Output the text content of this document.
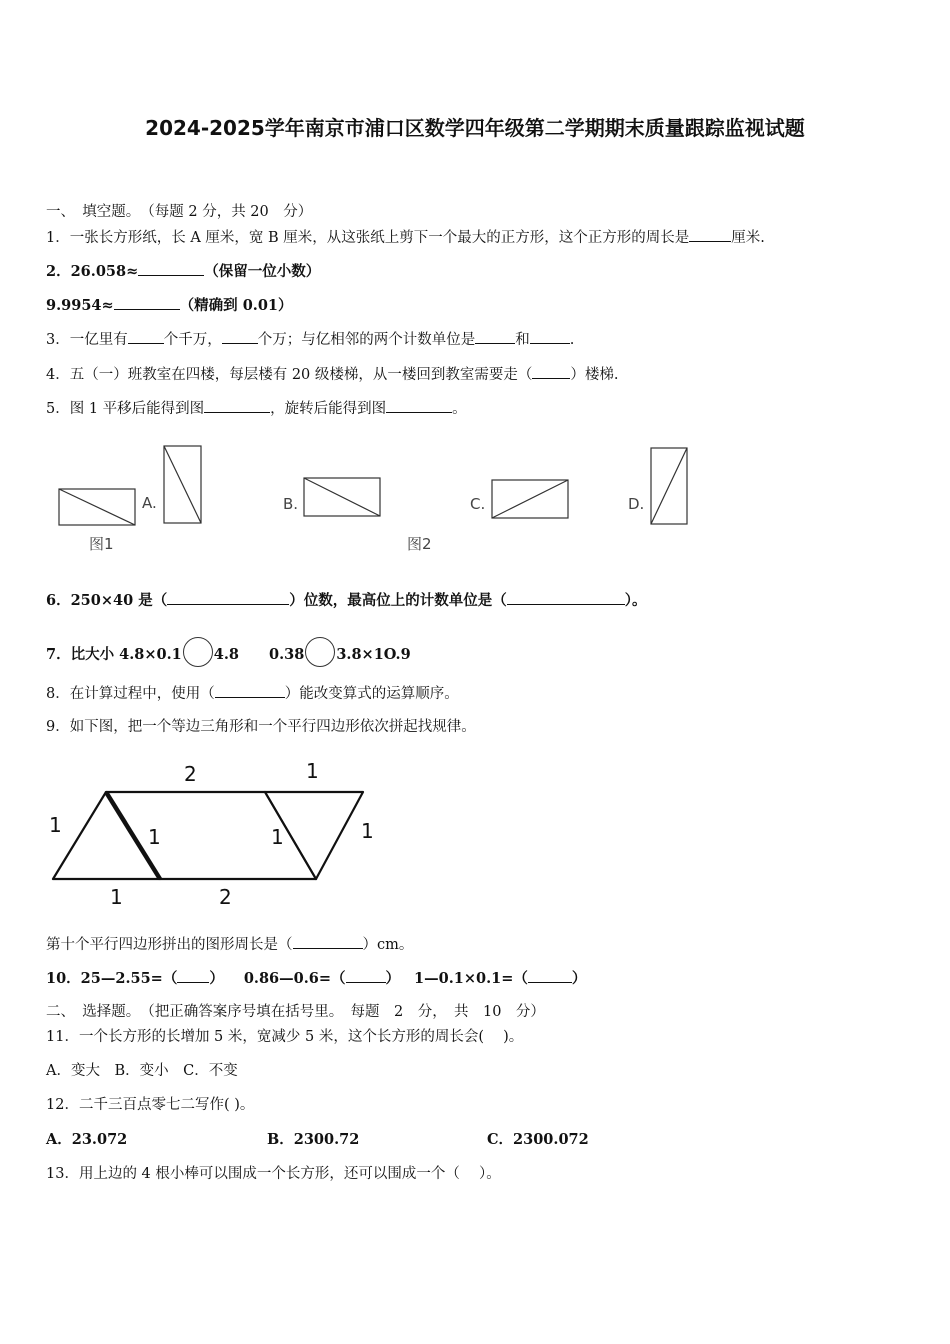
2024-2025学年南京市浦口区数学四年级第二学期期末质量跟踪监视试题
一、　填空题。　（每题 2 分，共 20　分）
1．一张长方形纸，长 A 厘米，宽 B 厘米，从这张纸上剪下一个最大的正方形，这个正方形的周长是	厘米.
2．26.058≈	（保留一位小数）
9.9954≈	（精确到 0.01）
3．一亿里有 个千万， 个万；与亿相邻的两个计数单位是	和	.
4．五（一）班教室在四楼，每层楼有 20 级楼梯，从一楼回到教室需要走（	）楼梯.
5．图 1 平移后能得到图	，旋转后能得到图	。
A.	B.	C.	D.
图1	图2
6．250×40 是（	）位数，最高位上的计数单位是（	）。
7．比大小 4.8×0.1 4.8 0.38 3.8×1O.9
8．在计算过程中，使用（	）能改变算式的运算顺序。
9．如下图，把一个等边三角形和一个平行四边形依次拼起找规律。
2	1
1	1	1	1
1	2
第十个平行四边形拼出的图形周长是（	）cm。
10．25—2.55=（ ） 0.86—0.6=（	） 1—0.1×0.1=（	）
二、　选择题。　（把正确答案序号填在括号里。　每题　2　分，　共　10　分）
11．一个长方形的长增加 5 米，宽减少 5 米，这个长方形的周长会(　 )。
A．变大　B．变小　C．不变
12．二千三百点零七二写作( )。
A．23.072	B．2300.72	C．2300.072
13．用上边的 4 根小棒可以围成一个长方形，还可以围成一个（　 ）。
